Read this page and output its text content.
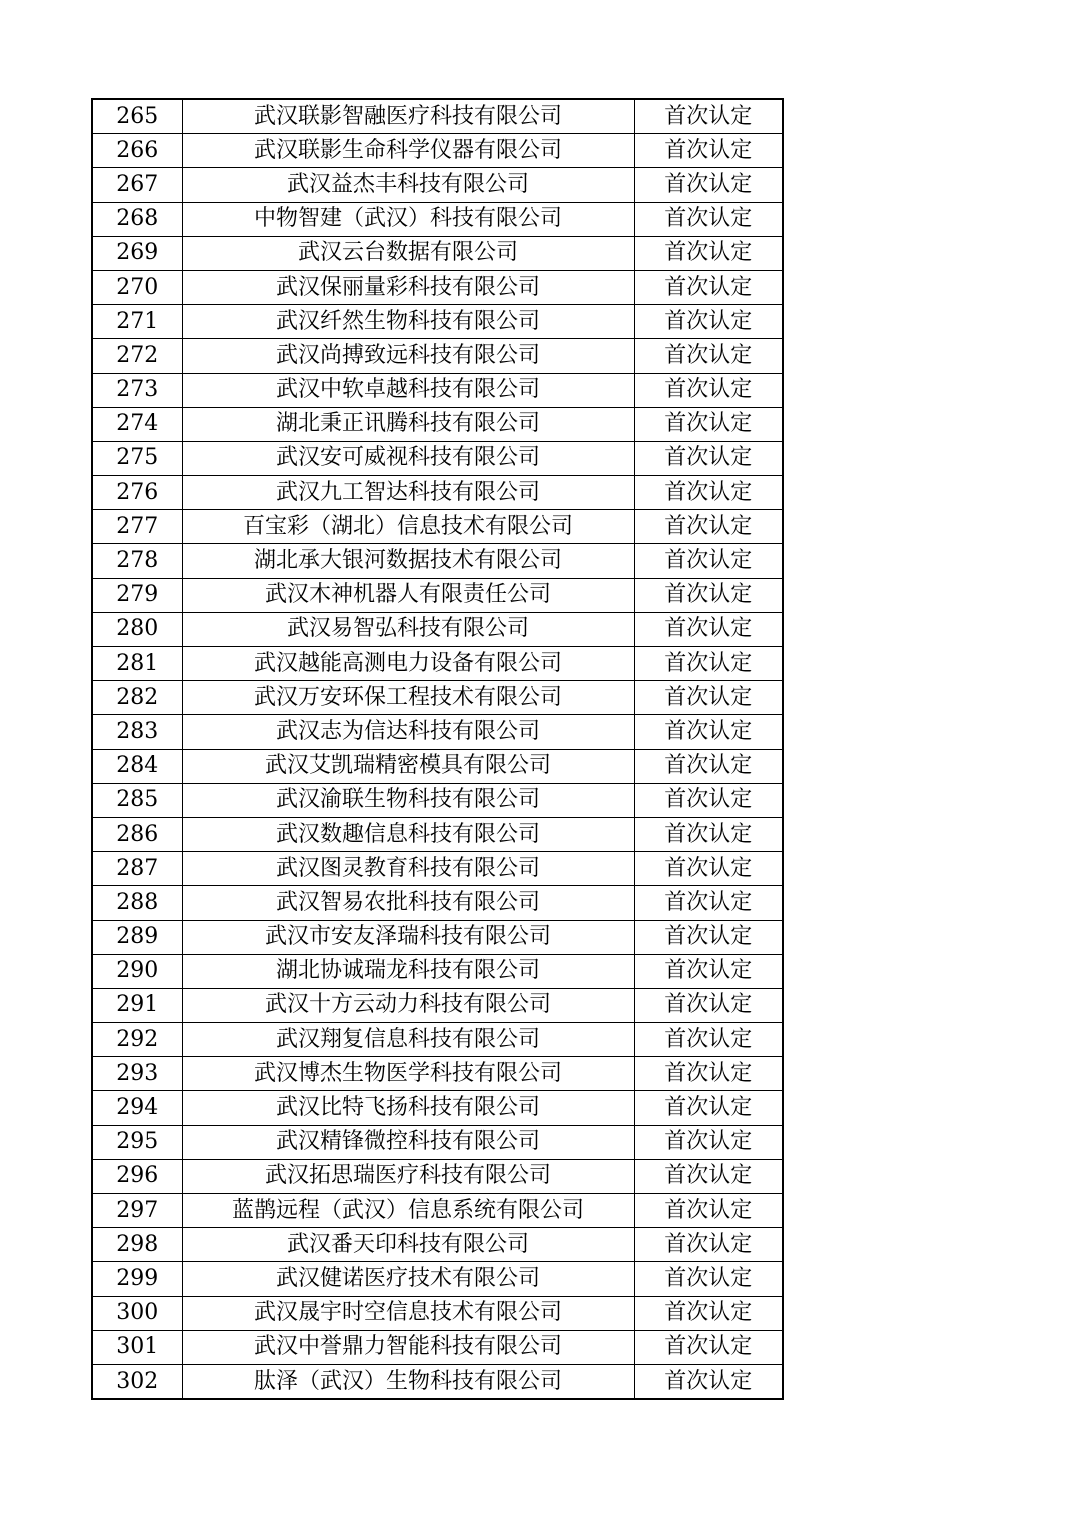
265	武汉联影智融医疗科技有限公司	首次认定
266	武汉联影生命科学仪器有限公司	首次认定
267	武汉益杰丰科技有限公司	首次认定
268	中物智建（武汉）科技有限公司	首次认定
269	武汉云台数据有限公司	首次认定
270	武汉保丽量彩科技有限公司	首次认定
271	武汉纤然生物科技有限公司	首次认定
272	武汉尚搏致远科技有限公司	首次认定
273	武汉中软卓越科技有限公司	首次认定
274	湖北秉正讯腾科技有限公司	首次认定
275	武汉安可威视科技有限公司	首次认定
276	武汉九工智达科技有限公司	首次认定
277	百宝彩（湖北）信息技术有限公司	首次认定
278	湖北承大银河数据技术有限公司	首次认定
279	武汉木神机器人有限责任公司	首次认定
280	武汉易智弘科技有限公司	首次认定
281	武汉越能高测电力设备有限公司	首次认定
282	武汉万安环保工程技术有限公司	首次认定
283	武汉志为信达科技有限公司	首次认定
284	武汉艾凯瑞精密模具有限公司	首次认定
285	武汉渝联生物科技有限公司	首次认定
286	武汉数趣信息科技有限公司	首次认定
287	武汉图灵教育科技有限公司	首次认定
288	武汉智易农批科技有限公司	首次认定
289	武汉市安友泽瑞科技有限公司	首次认定
290	湖北协诚瑞龙科技有限公司	首次认定
291	武汉十方云动力科技有限公司	首次认定
292	武汉翔复信息科技有限公司	首次认定
293	武汉博杰生物医学科技有限公司	首次认定
294	武汉比特飞扬科技有限公司	首次认定
295	武汉精锋微控科技有限公司	首次认定
296	武汉拓思瑞医疗科技有限公司	首次认定
297	蓝鹊远程（武汉）信息系统有限公司	首次认定
298	武汉番天印科技有限公司	首次认定
299	武汉健诺医疗技术有限公司	首次认定
300	武汉晟宇时空信息技术有限公司	首次认定
301	武汉中誉鼎力智能科技有限公司	首次认定
302	肽泽（武汉）生物科技有限公司	首次认定
